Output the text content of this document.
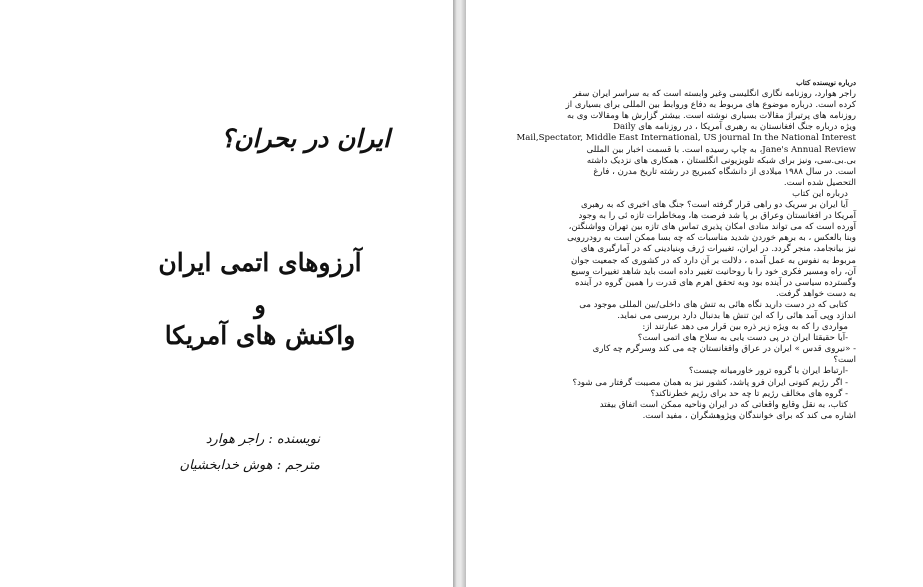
ایران در بحران؟
آرزوهای اتمی ایران
و
واکنش های آمریکا
نویسنده : راجر هوارد
مترجم : هوش خدابخشیان
درباره نویسنده کتاب
راجر هوارد، روزنامه نگاری انگلیسی وغیر وابسته است که به سراسر ایران سفر
کرده است. درباره موضوع های مربوط به دفاع وروابط بین المللی برای بسیاری از
روزنامه های پرتیراژ مقالات بسیاری نوشته است. بیشتر گزارش ها ومقالات وی به
ویژه درباره جنگ افغانستان به رهبری آمریکا ، در روزنامه های Daily
Mail,Spectator, Middle East International, US journal In the National Interest
Jane's Annual Review، به چاپ رسیده است. با قسمت اخبار بین المللی
بی.بی.سی، ونیز برای شبکه تلویزیونی انگلستان ، همکاری های نزدیک داشته
است. در سال ۱۹۸۸ میلادی از دانشگاه کمبریج در رشته تاریخ مدرن ، فارغ
التحصیل شده است.
درباره این کتاب
آیا ایران بر سریک دو راهی قرار گرفته است؟ جنگ های اخیری که به رهبری
آمریکا در افغانستان وعراق بر پا شد فرصت ها، ومخاطرات تازه ئی را به وجود
آورده است که می تواند منادی امکان پذیری تماس های تازه بین تهران وواشنگتن،
وبنا بالعکس ، به برهم خوردن شدید مناسبات که چه بسا ممکن است به رودررویی
نیز بیانجامد، منجر گردد. در ایران، تغییرات ژرف وبنیادینی که در آمارگیری های
مربوط به نفوس به عمل آمده ، دلالت بر آن دارد که در کشوری که جمعیت جوان
آن، راه ومسیر فکری خود را با روحانیت تغییر داده است باید شاهد تغییرات وسیع
وگسترده سیاسی در آینده بود وبه تحقق اهرم های قدرت را همین گروه در آینده
به دست خواهد گرفت.
کتابی که در دست دارید نگاه هائی به تنش های داخلی/بین المللی موجود می
اندازد وپی آمد هائی را که این تنش ها بدنبال دارد بررسی می نماید.
مواردی را که به ویژه زیر ذره بین قرار می دهد عبارتند از:
-آیا حقیقتا ایران در پی دست یابی به سلاح های اتمی است؟
- «نیروی قدس » ایران در عراق وافغانستان چه می کند وسرگرم چه کاری
است؟
-ارتباط ایران با گروه ترور خاورمیانه چیست؟
- اگر رژیم کنونی ایران فرو پاشد، کشور نیز به همان مصیبت گرفتار می شود؟
- گروه های مخالف رژیم تا چه حد برای رژیم خطرناکند؟
کتاب، به نقل وقایع واقعاتی که در ایران وناحیه ممکن است اتفاق بیفتد
اشاره می کند که برای خوانندگان وپژوهشگران ، مفید است.
